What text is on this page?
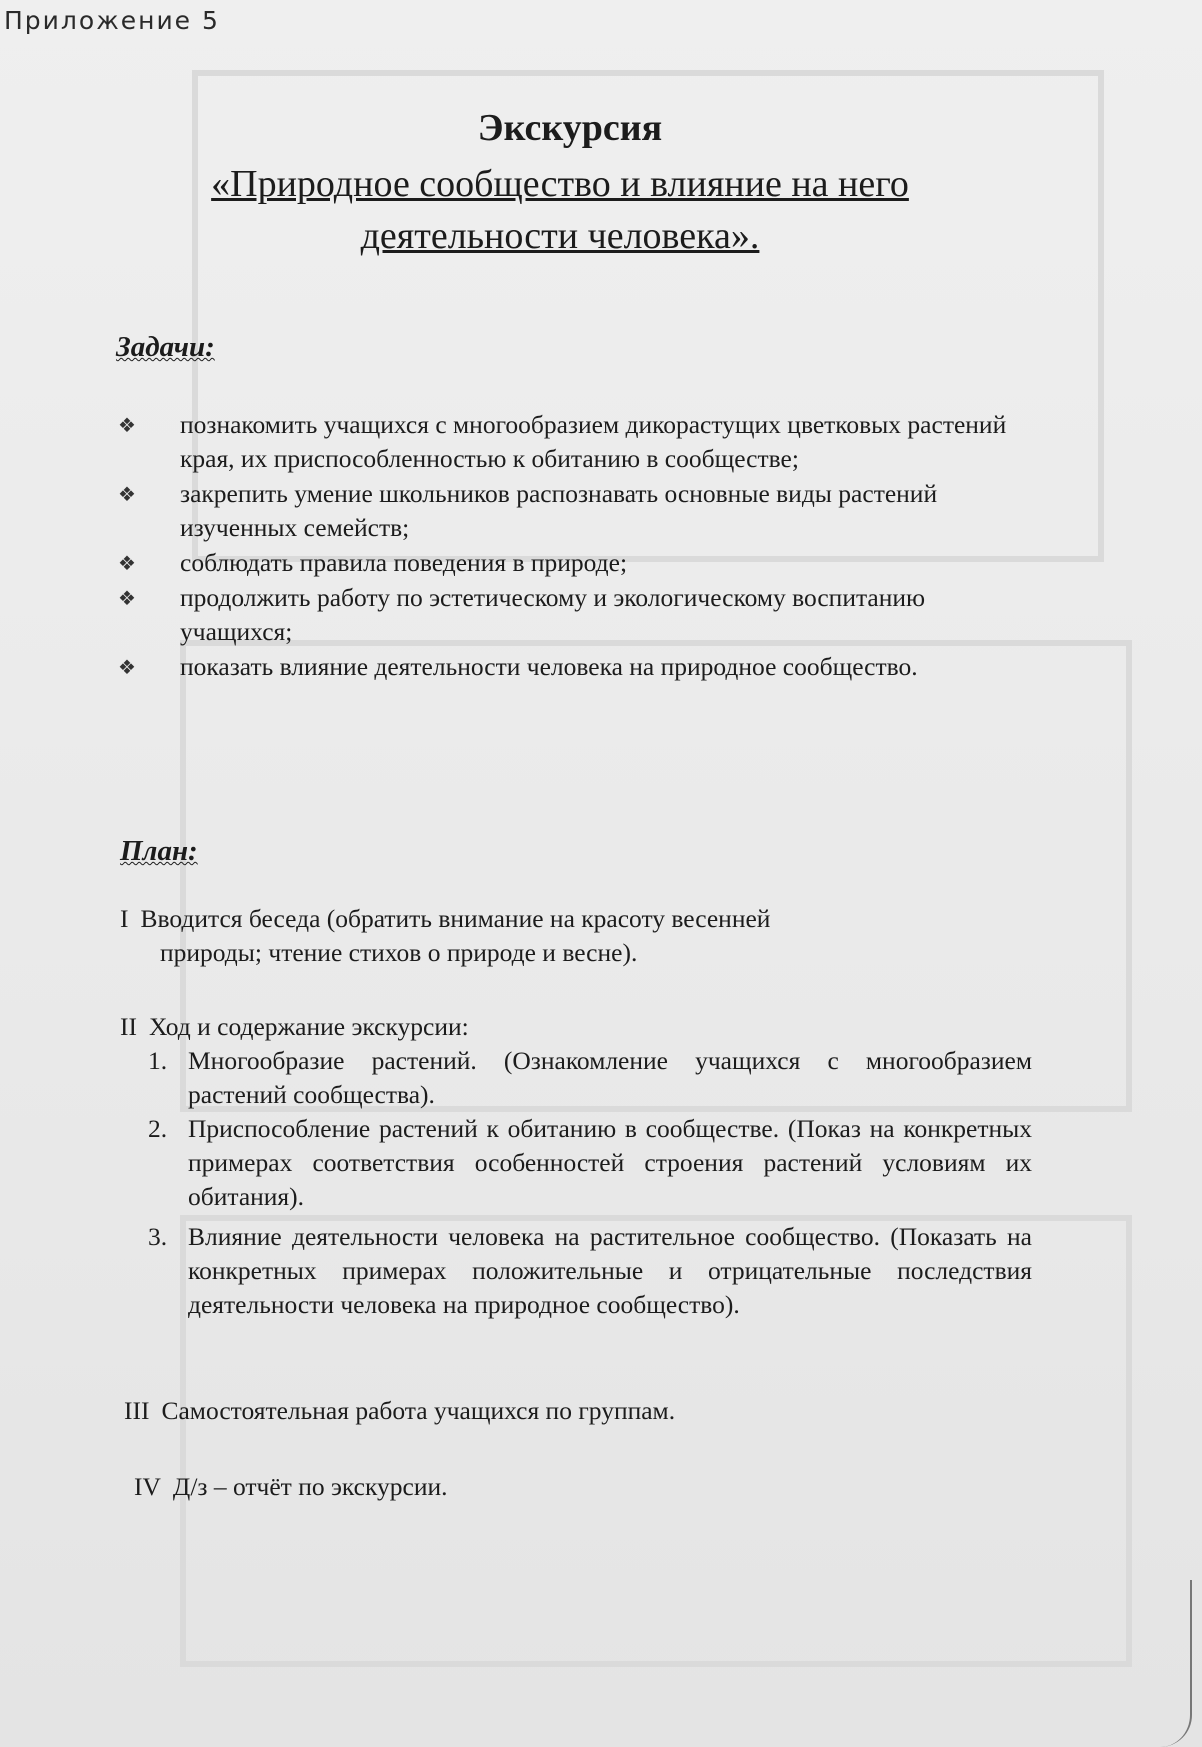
Приложение 5
Экскурсия
«Природное сообщество и влияние на него деятельности человека».
Задачи:
❖ познакомить учащихся с многообразием дикорастущих цветковых растений края, их приспособленностью к обитанию в сообществе;
❖ закрепить умение школьников распознавать основные виды растений изученных семейств;
❖ соблюдать правила поведения в природе;
❖ продолжить работу по эстетическому и экологическому воспитанию учащихся;
❖ показать влияние деятельности человека на природное сообщество.
План:
I Вводится беседа (обратить внимание на красоту весенней
природы; чтение стихов о природе и весне).
II Ход и содержание экскурсии:
1. Многообразие растений. (Ознакомление учащихся с многообразием растений сообщества).
2. Приспособление растений к обитанию в сообществе. (Показ на конкретных примерах соответствия особенностей строения растений условиям их обитания).
3. Влияние деятельности человека на растительное сообщество. (Показать на конкретных примерах положительные и отрицательные последствия деятельности человека на природное сообщество).
III Самостоятельная работа учащихся по группам.
IV Д/з – отчёт по экскурсии.
